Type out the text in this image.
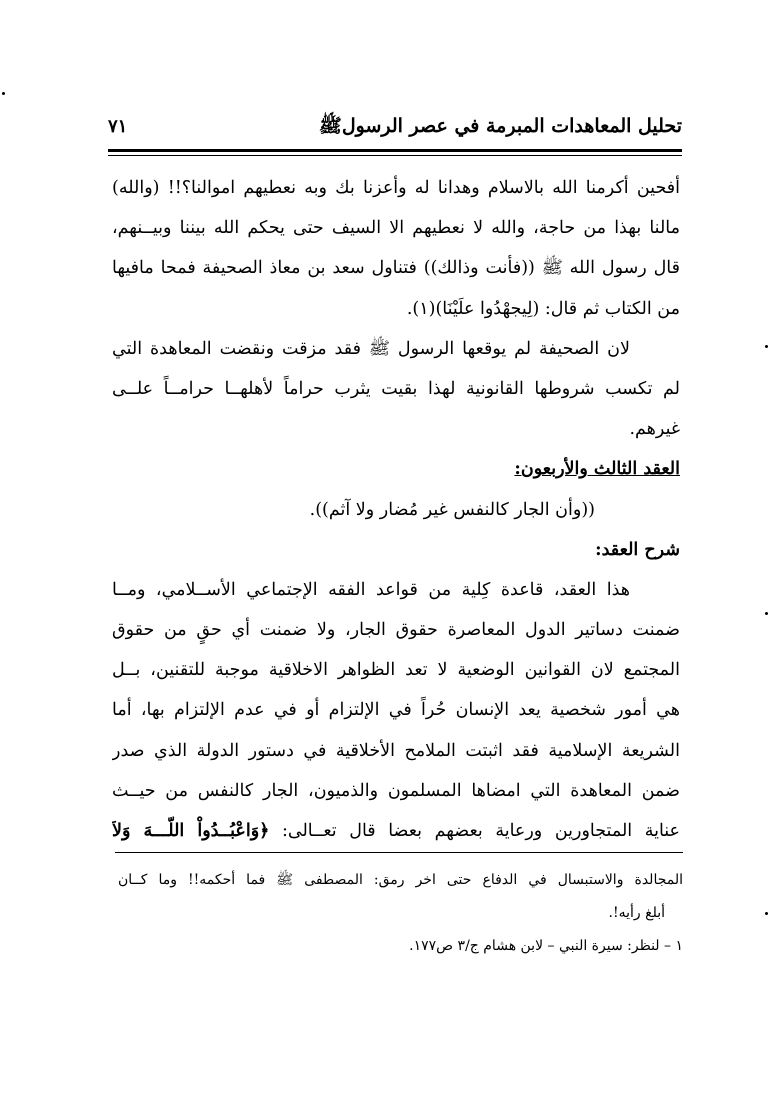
تحليل المعاهدات المبرمة في عصر الرسولﷺ
٧١
أفحين أكرمنا الله بالاسلام وهدانا له وأعزنا بك وبه نعطيهم اموالنا؟!! (والله)
مالنا بهذا من حاجة، والله لا نعطيهم الا السيف حتى يحكم الله بيننا وبيــنهم،
قال رسول الله ﷺ ((فأنت وذالك)) فتناول سعد بن معاذ الصحيفة فمحا مافيها
من الكتاب ثم قال: (لِيجهْدُوا علَيْنَا)(١).
لان الصحيفة لم يوقعها الرسول ﷺ فقد مزقت ونقضت المعاهدة التي
لم تكسب شروطها القانونية لهذا بقيت يثرب حراماً لأهلهــا حرامــاً علــى
غيرهم.
العقد الثالث والأربعون:
((وأن الجار كالنفس غير مُضار ولا آثم)).
شرح العقد:
هذا العقد، قاعدة كِلية من قواعد الفقه الإجتماعي الأســلامي، ومــا
ضمنت دساتير الدول المعاصرة حقوق الجار، ولا ضمنت أي حقٍ من حقوق
المجتمع لان القوانين الوضعية لا تعد الظواهر الاخلاقية موجبة للتقنين، بــل
هي أمور شخصية يعد الإنسان حُراً في الإلتزام أو في عدم الإلتزام بها، أما
الشريعة الإسلامية فقد اثبتت الملامح الأخلاقية في دستور الدولة الذي صدر
ضمن المعاهدة التي امضاها المسلمون والذميون، الجار كالنفس من حيــث
عناية المتجاورين ورعاية بعضهم بعضا قال تعــالى: ﴿وَاعْبُــدُواْ اللّـــهَ وَلاَ
المجالدة والاستبسال في الدفاع حتى اخر رمق: المصطفى ﷺ فما أحكمه!! وما كــان
أبلغ رأيه!.
١ – لنظر: سيرة النبي – لابن هشام ج/٣ ص١٧٧.
